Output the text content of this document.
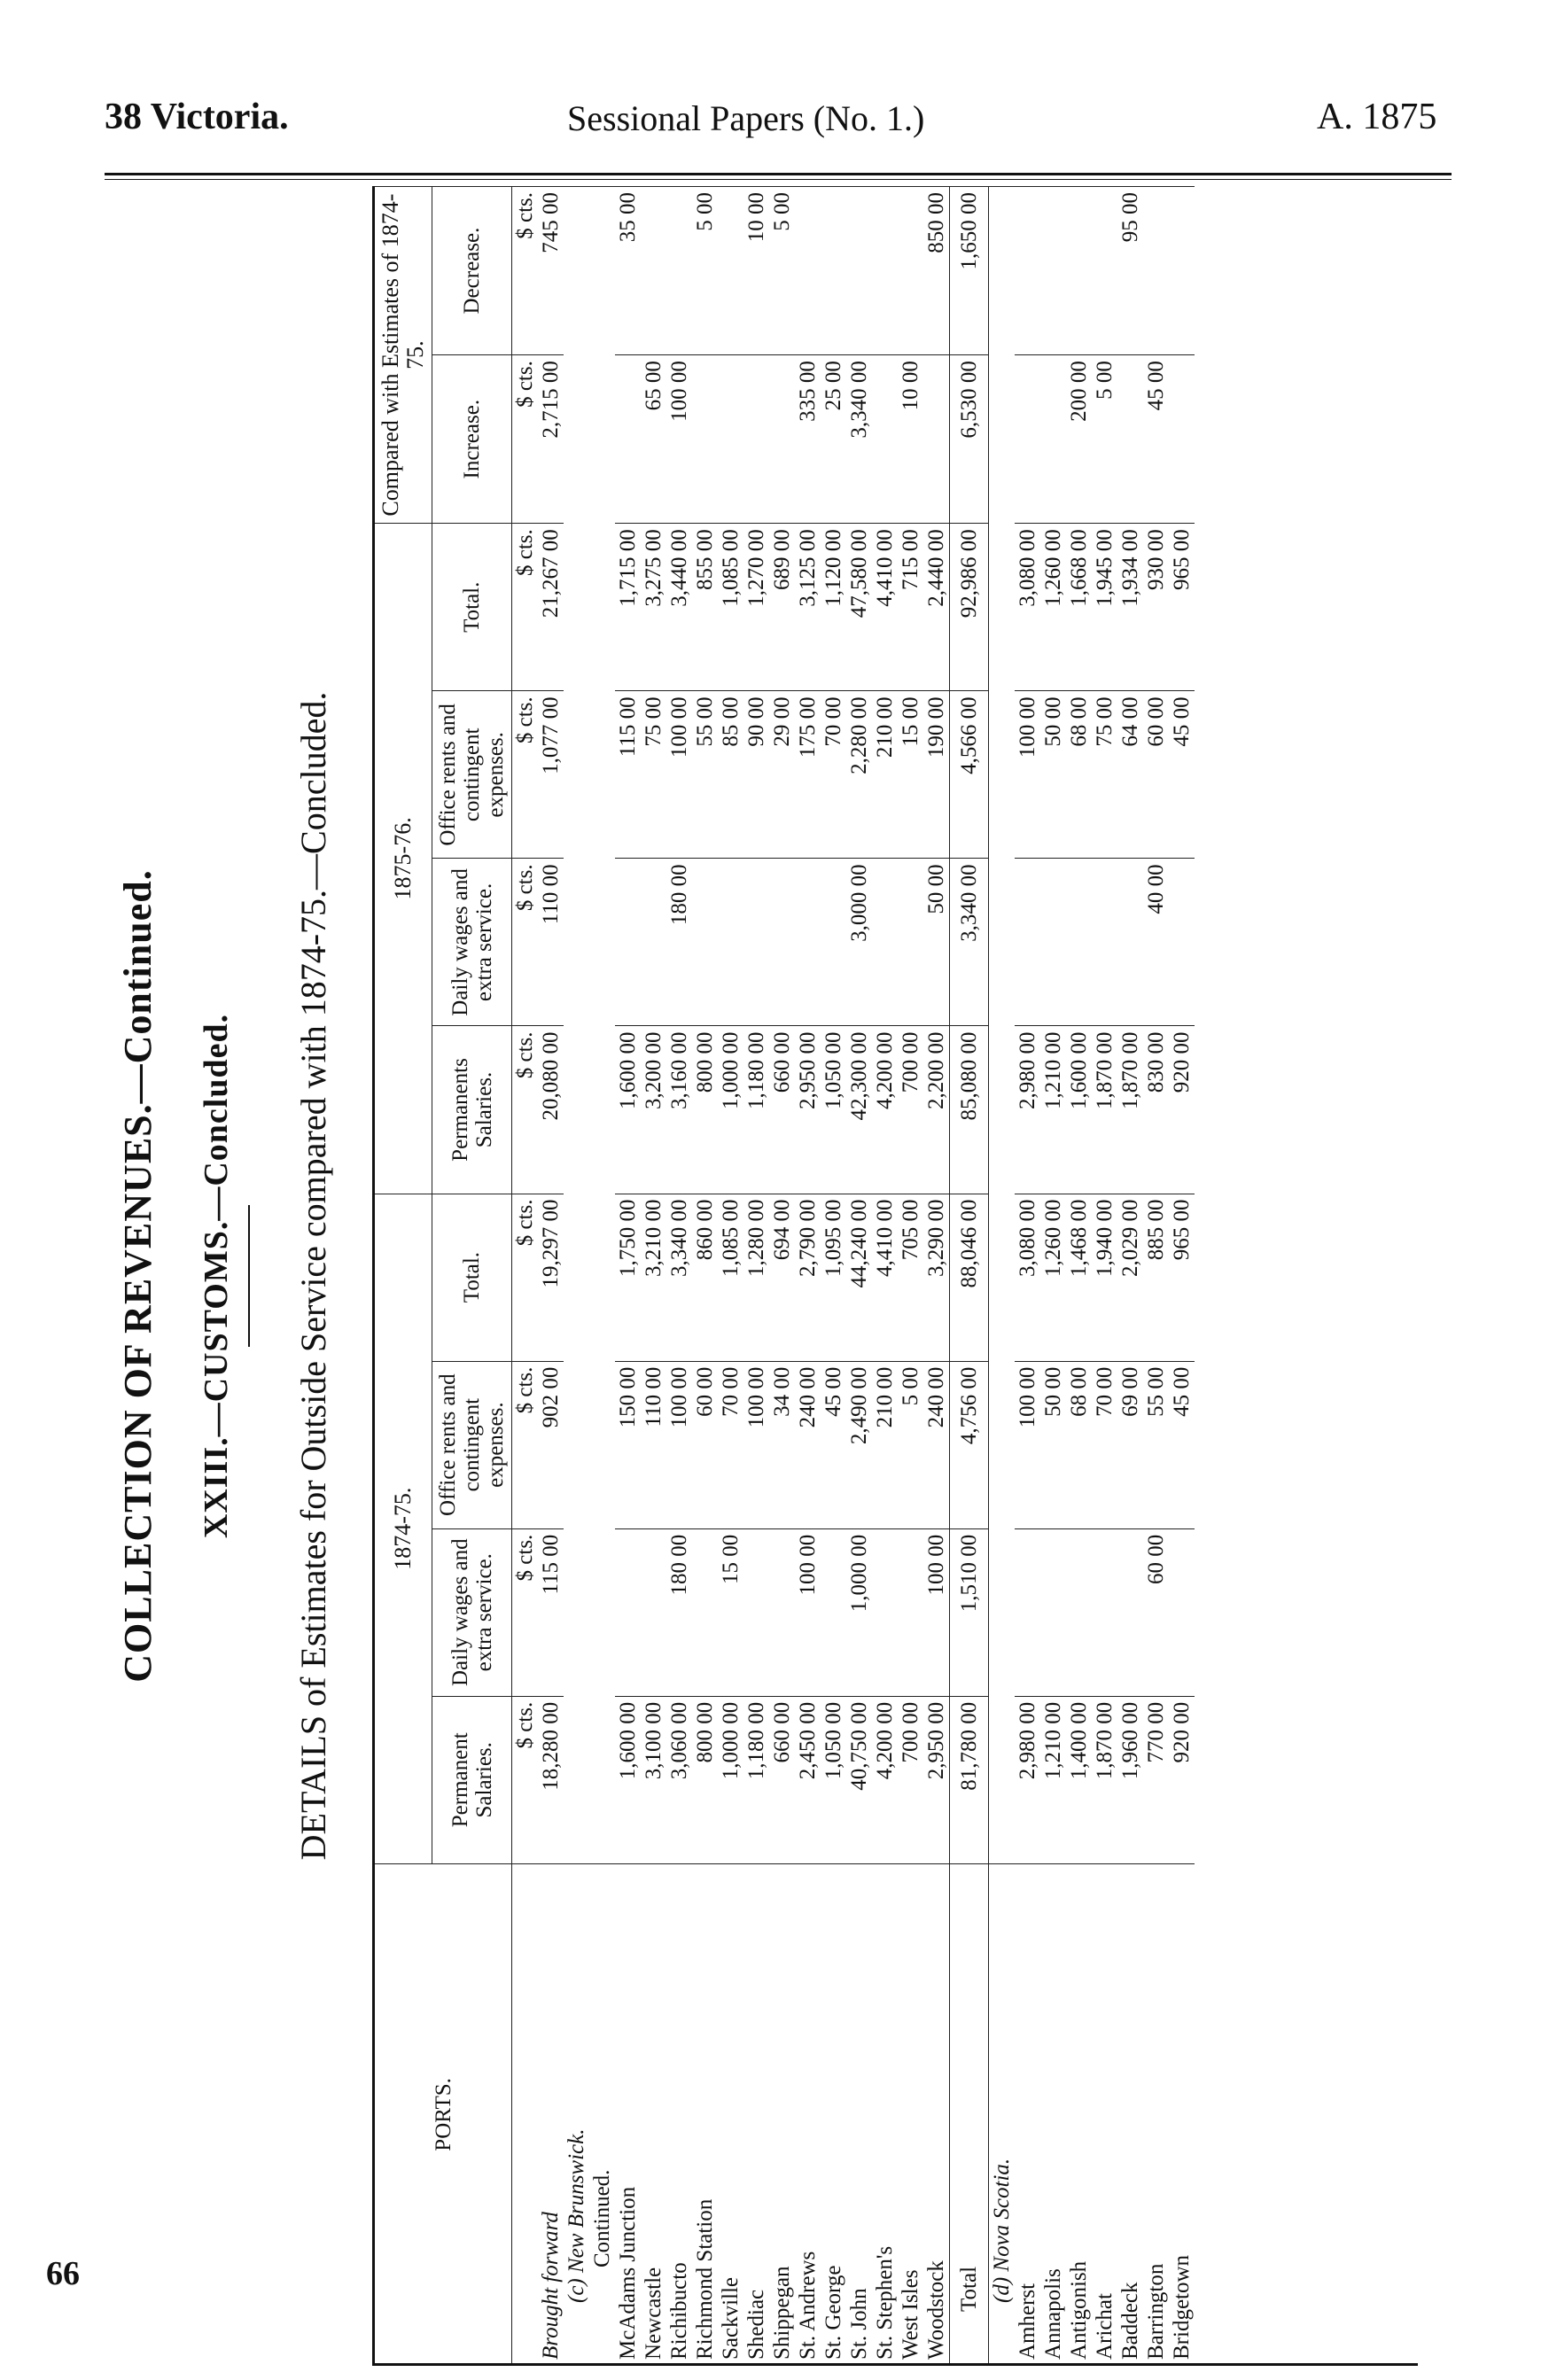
38 Victoria.	Sessional Papers (No. 1.)	A. 1875
66
COLLECTION OF REVENUES.—Continued. XXIII.—CUSTOMS.—Concluded. DETAILS of Estimates for Outside Service compared with 1874-75.—Concluded.
PORTS.	1874-75.				1875-76.				Compared with Estimates of 1874-75.	
	Permanent Salaries.	Daily wages and extra service.	Office rents and contingent expenses.	Total.	Permanents Salaries.	Daily wages and extra service.	Office rents and contingent expenses.	Total.	Increase.	Decrease.
	$ cts.	$ cts.	$ cts.	$ cts.	$ cts.	$ cts.	$ cts.	$ cts.	$ cts.	$ cts.
Brought forward	18,280 00	115 00	902 00	19,297 00	20,080 00	110 00	1,077 00	21,267 00	2,715 00	745 00
(c) New Brunswick.										
Continued.										
McAdams Junction	1,600 00		150 00	1,750 00	1,600 00		115 00	1,715 00		35 00
Newcastle	3,100 00		110 00	3,210 00	3,200 00		75 00	3,275 00	65 00	
Richibucto	3,060 00	180 00	100 00	3,340 00	3,160 00	180 00	100 00	3,440 00	100 00	
Richmond Station	800 00		60 00	860 00	800 00		55 00	855 00		5 00
Sackville	1,000 00	15 00	70 00	1,085 00	1,000 00		85 00	1,085 00		
Shediac	1,180 00		100 00	1,280 00	1,180 00		90 00	1,270 00		10 00
Shippegan	660 00		34 00	694 00	660 00		29 00	689 00		5 00
St. Andrews	2,450 00	100 00	240 00	2,790 00	2,950 00		175 00	3,125 00	335 00	
St. George	1,050 00		45 00	1,095 00	1,050 00		70 00	1,120 00	25 00	
St. John	40,750 00	1,000 00	2,490 00	44,240 00	42,300 00	3,000 00	2,280 00	47,580 00	3,340 00	
St. Stephen's	4,200 00		210 00	4,410 00	4,200 00		210 00	4,410 00		
West Isles	700 00		5 00	705 00	700 00		15 00	715 00	10 00	
Woodstock	2,950 00	100 00	240 00	3,290 00	2,200 00	50 00	190 00	2,440 00		850 00
Total	81,780 00	1,510 00	4,756 00	88,046 00	85,080 00	3,340 00	4,566 00	92,986 00	6,530 00	1,650 00
(d) Nova Scotia.										
Amherst	2,980 00		100 00	3,080 00	2,980 00		100 00	3,080 00		
Annapolis	1,210 00		50 00	1,260 00	1,210 00		50 00	1,260 00		
Antigonish	1,400 00		68 00	1,468 00	1,600 00		68 00	1,668 00	200 00	
Arichat	1,870 00		70 00	1,940 00	1,870 00		75 00	1,945 00	5 00	
Baddeck	1,960 00		69 00	2,029 00	1,870 00		64 00	1,934 00		95 00
Barrington	770 00	60 00	55 00	885 00	830 00	40 00	60 00	930 00	45 00	
Bridgetown	920 00		45 00	965 00	920 00		45 00	965 00		
